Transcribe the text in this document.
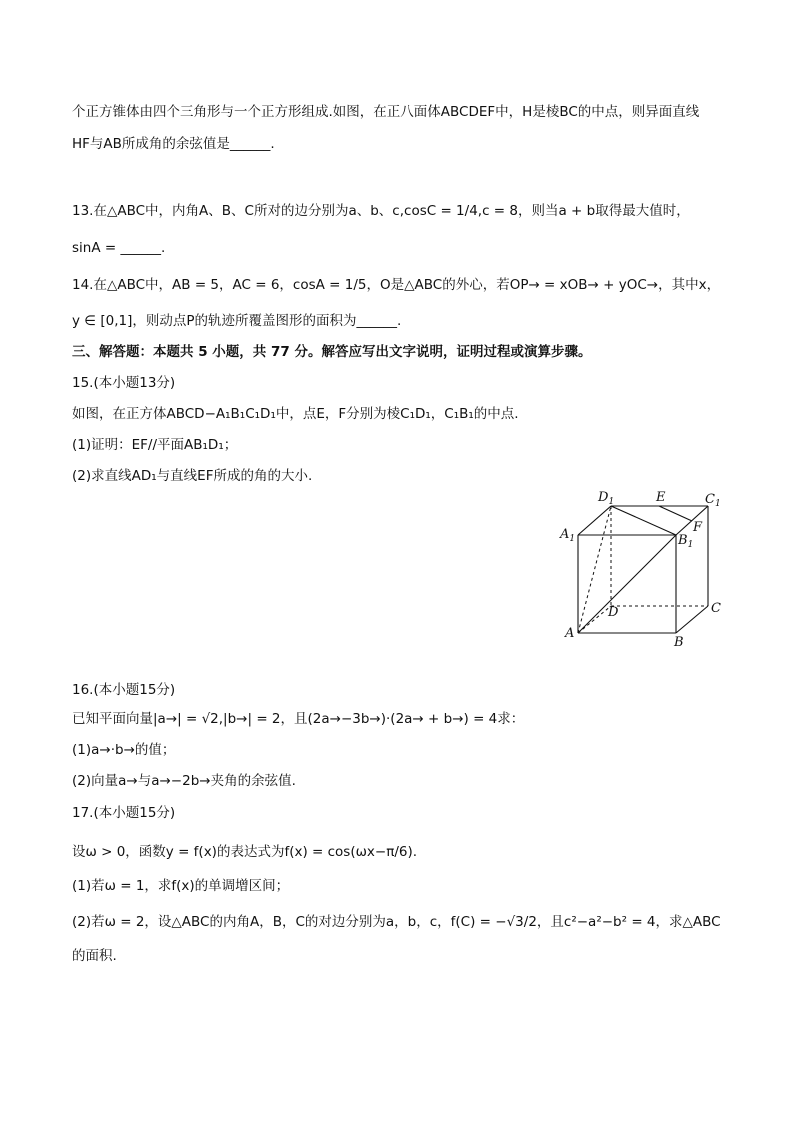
个正方锥体由四个三角形与一个正方形组成.如图，在正八面体ABCDEF中，H是棱BC的中点，则异面直线
HF与AB所成角的余弦值是______.
13.在△ABC中，内角A、B、C所对的边分别为a、b、c,cosC = 1/4,c = 8，则当a + b取得最大值时，
sinA = ______.
14.在△ABC中，AB = 5，AC = 6，cosA = 1/5，O是△ABC的外心，若OP→ = xOB→ + yOC→，其中x，
y ∈ [0,1]，则动点P的轨迹所覆盖图形的面积为______.
三、解答题：本题共 5 小题，共 77 分。解答应写出文字说明，证明过程或演算步骤。
15.(本小题13分)
如图，在正方体ABCD−A₁B₁C₁D₁中，点E，F分别为棱C₁D₁，C₁B₁的中点.
(1)证明：EF//平面AB₁D₁；
(2)求直线AD₁与直线EF所成的角的大小.
$D_1$	E	$C_1$
$A_1$
F
$B_1$
D	C
A
B
16.(本小题15分)
已知平面向量|a→| = √2,|b→| = 2，且(2a→−3b→)·(2a→ + b→) = 4求：
(1)a→·b→的值；
(2)向量a→与a→−2b→夹角的余弦值.
17.(本小题15分)
设ω > 0，函数y = f(x)的表达式为f(x) = cos(ωx−π/6).
(1)若ω = 1，求f(x)的单调增区间；
(2)若ω = 2，设△ABC的内角A，B，C的对边分别为a，b，c，f(C) = −√3/2，且c²−a²−b² = 4，求△ABC
的面积.
